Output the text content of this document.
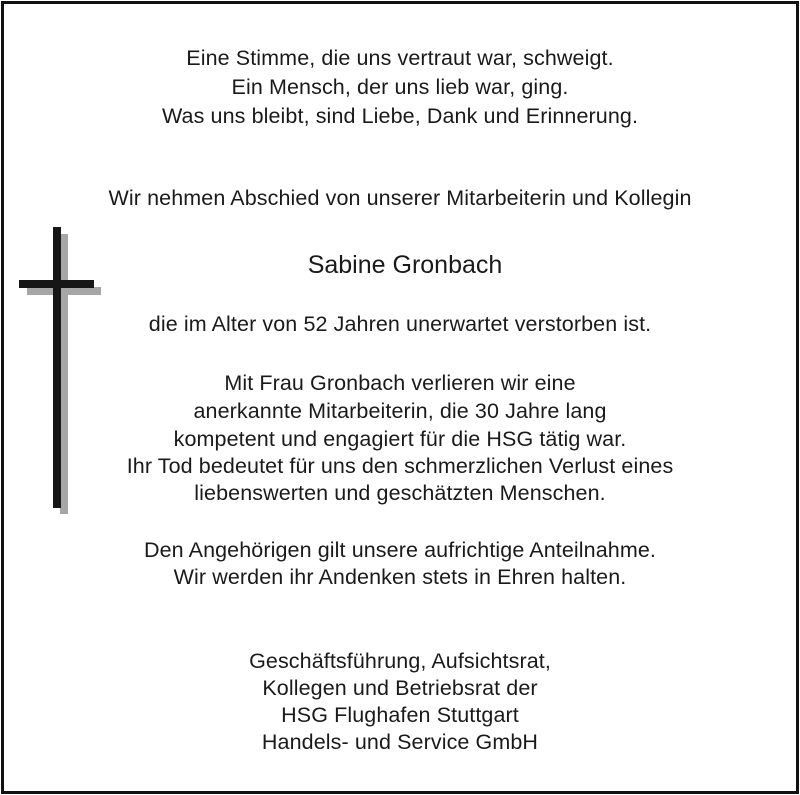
Eine Stimme, die uns vertraut war, schweigt.
Ein Mensch, der uns lieb war, ging.
Was uns bleibt, sind Liebe, Dank und Erinnerung.
Wir nehmen Abschied von unserer Mitarbeiterin und Kollegin
Sabine Gronbach
die im Alter von 52 Jahren unerwartet verstorben ist.
Mit Frau Gronbach verlieren wir eine
anerkannte Mitarbeiterin, die 30 Jahre lang
kompetent und engagiert für die HSG tätig war.
Ihr Tod bedeutet für uns den schmerzlichen Verlust eines
liebenswerten und geschätzten Menschen.
Den Angehörigen gilt unsere aufrichtige Anteilnahme.
Wir werden ihr Andenken stets in Ehren halten.
Geschäftsführung, Aufsichtsrat,
Kollegen und Betriebsrat der
HSG Flughafen Stuttgart
Handels- und Service GmbH
